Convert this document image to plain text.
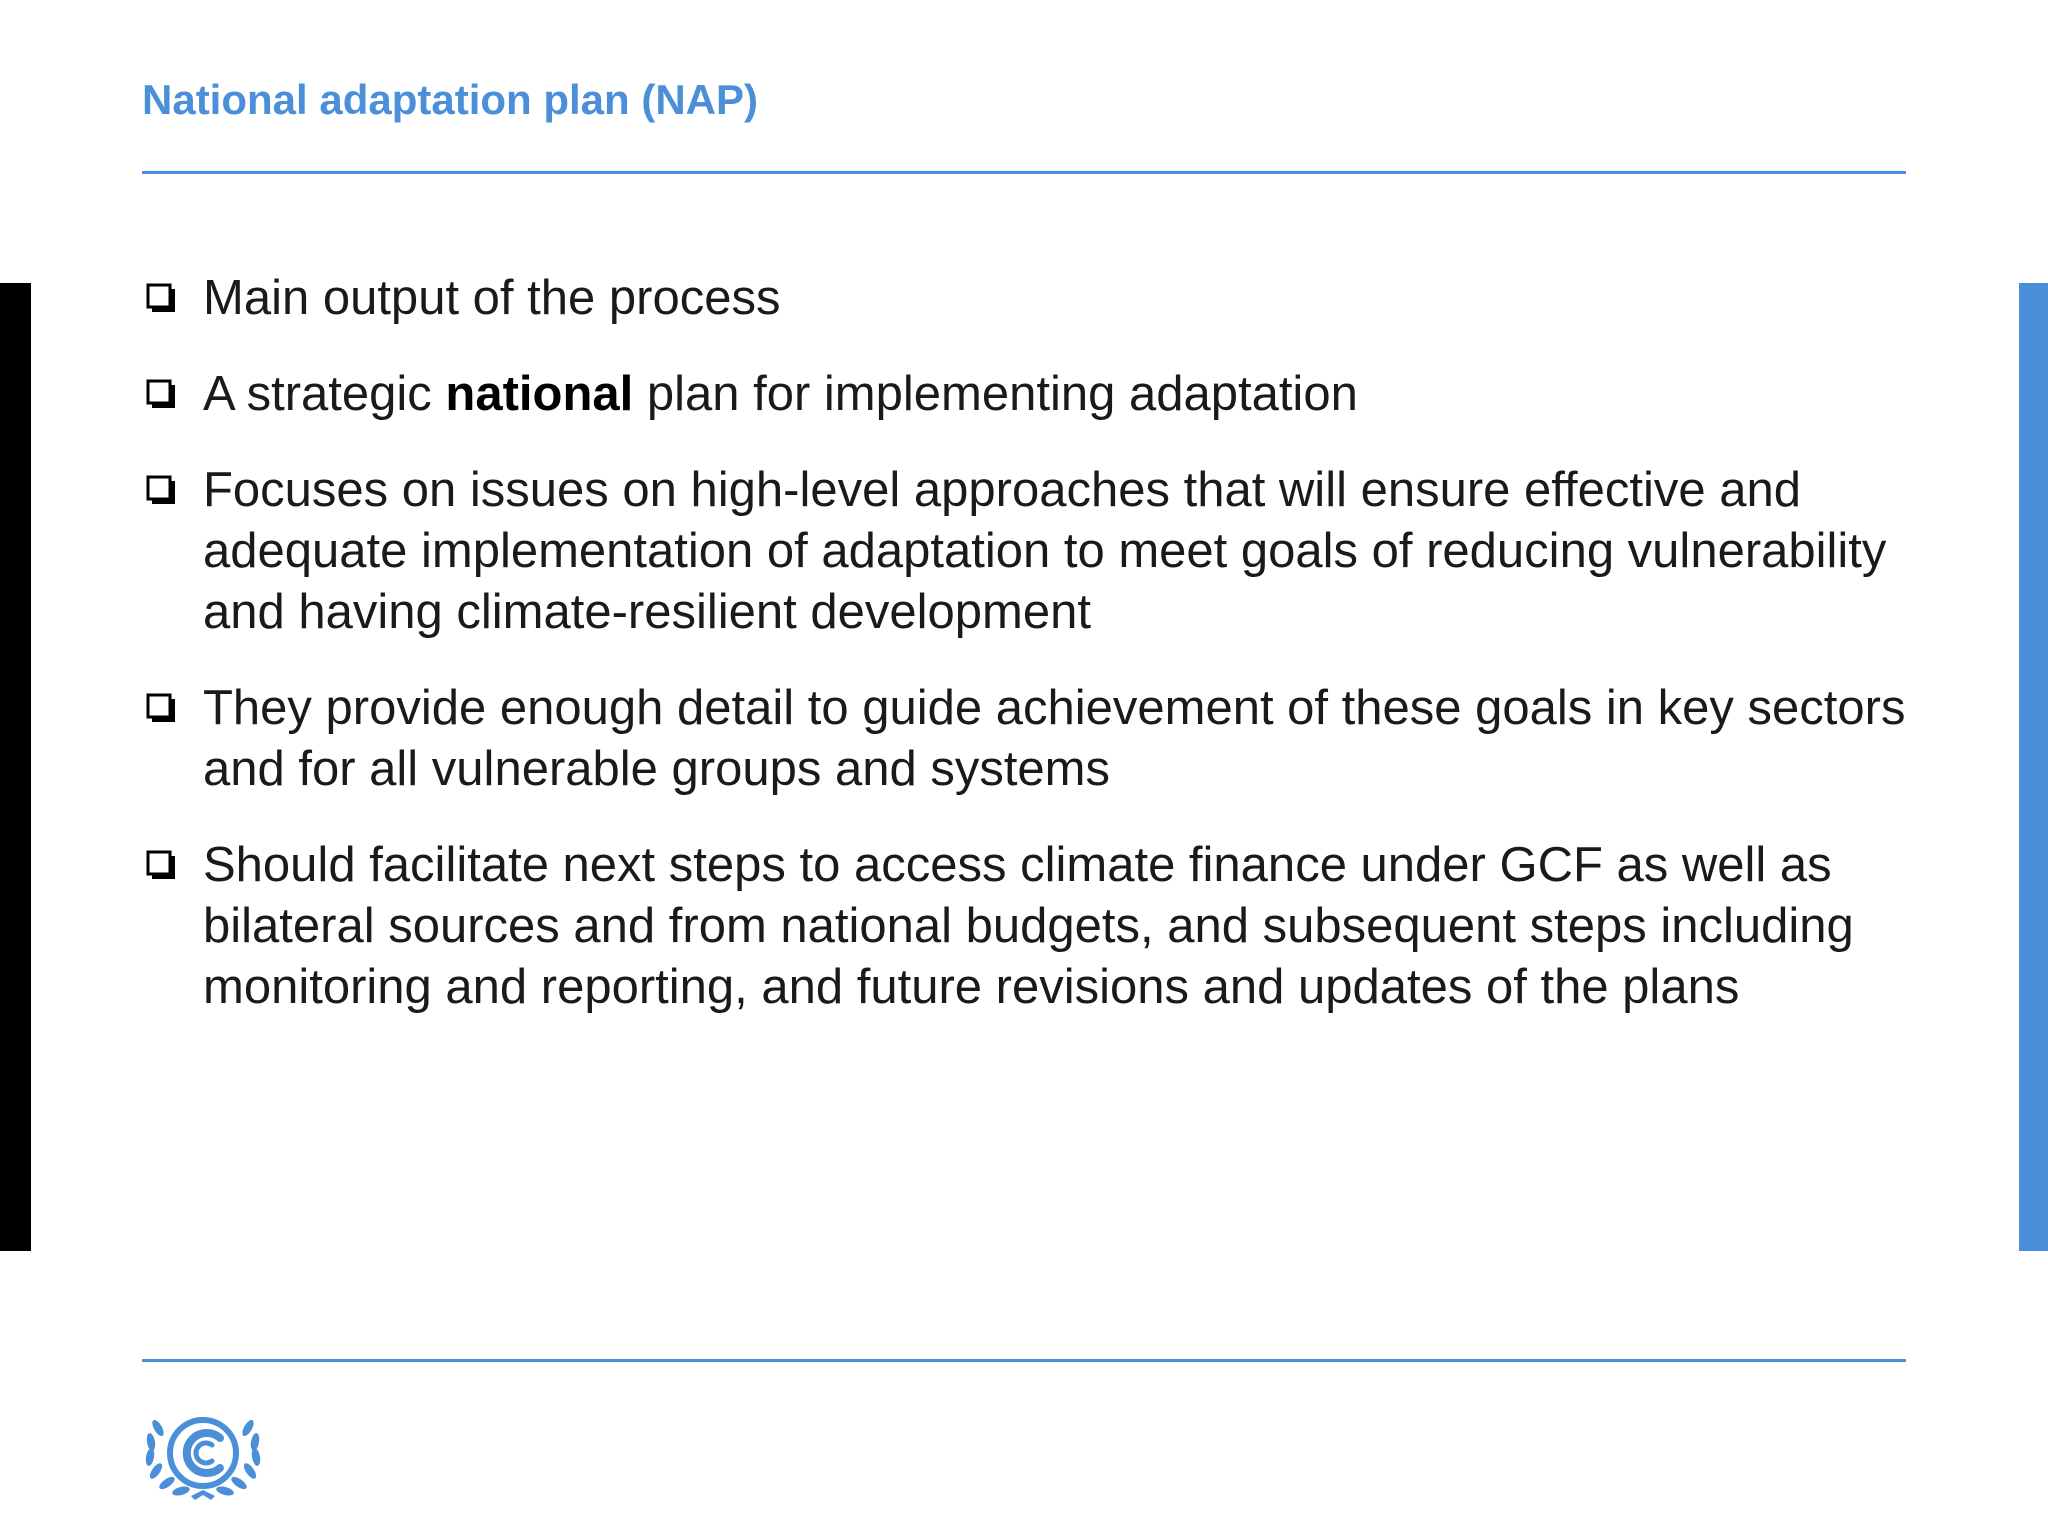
National adaptation plan (NAP)
Main output of the process
A strategic national plan for implementing adaptation
Focuses on issues on high-level approaches that will ensure effective and adequate implementation of adaptation to meet goals of reducing vulnerability and having climate-resilient development
They provide enough detail to guide achievement of these goals in key sectors and for all vulnerable groups and systems
Should facilitate next steps to access climate finance under GCF as well as bilateral sources and from national budgets, and subsequent steps including monitoring and reporting, and future revisions and updates of the plans
